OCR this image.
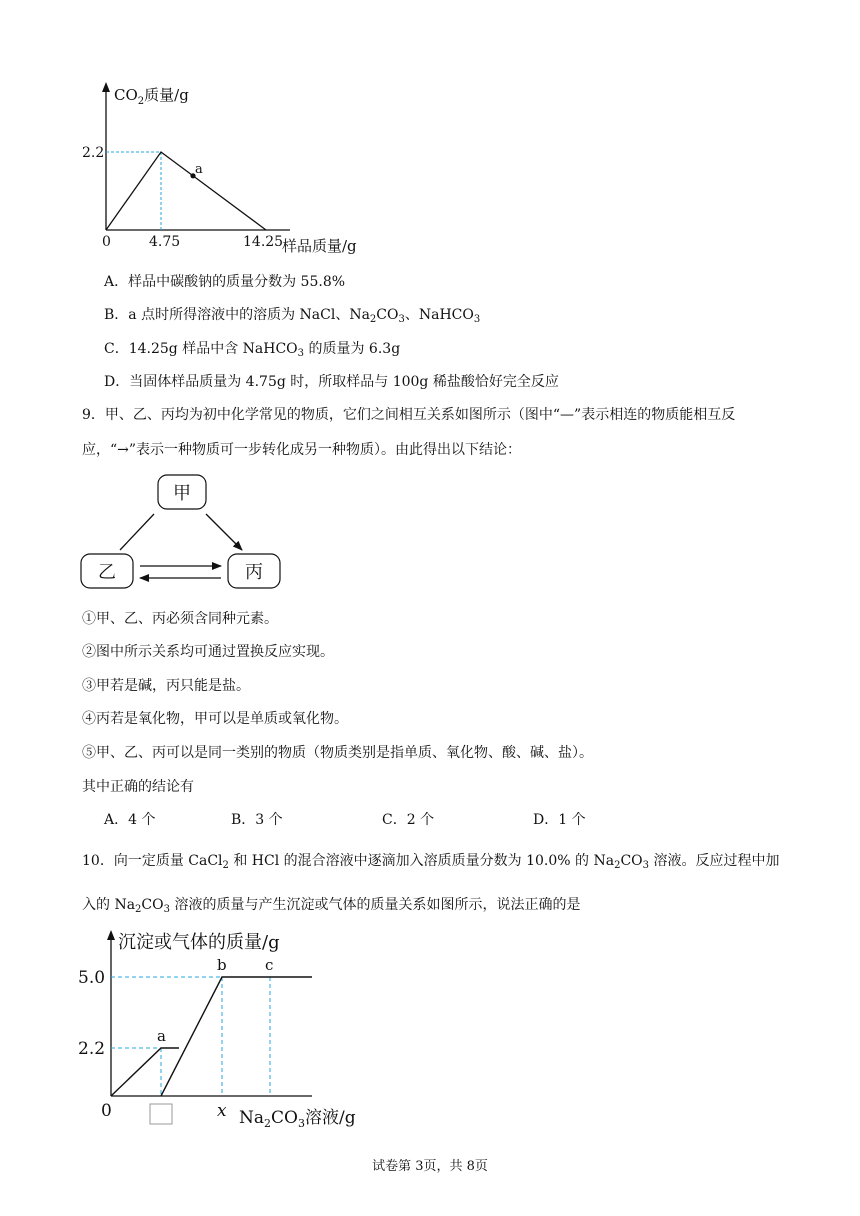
a
2.2
0	4.75	14.25
样品质量/g
$CO_2$质量/g
A．样品中碳酸钠的质量分数为 55.8%
B．a 点时所得溶液中的溶质为 NaCl、$Na_2CO_3$、NaHCO$_3$
C．14.25g 样品中含 NaHCO$_3$ 的质量为 6.3g
D．当固体样品质量为 4.75g 时，所取样品与 100g 稀盐酸恰好完全反应
9．甲、乙、丙均为初中化学常见的物质，它们之间相互关系如图所示（图中“—”表示相连的物质能相互反
应，“→”表示一种物质可一步转化成另一种物质）。由此得出以下结论：
甲
乙	丙
①甲、乙、丙必须含同种元素。
②图中所示关系均可通过置换反应实现。
③甲若是碱，丙只能是盐。
④丙若是氧化物，甲可以是单质或氧化物。
⑤甲、乙、丙可以是同一类别的物质（物质类别是指单质、氧化物、酸、碱、盐）。
其中正确的结论有
A．4 个	B．3 个	C．2 个	D．1 个
10．向一定质量 CaCl$_2$ 和 HCl 的混合溶液中逐滴加入溶质质量分数为 10.0% 的 $Na_2CO_3$ 溶液。反应过程中加
入的 $Na_2CO_3$ 溶液的质量与产生沉淀或气体的质量关系如图所示，说法正确的是
a
b	c
5.0
2.2
0	x $Na_2CO_3$溶液/g
沉淀或气体的质量/g
试卷第 3页，共 8页
